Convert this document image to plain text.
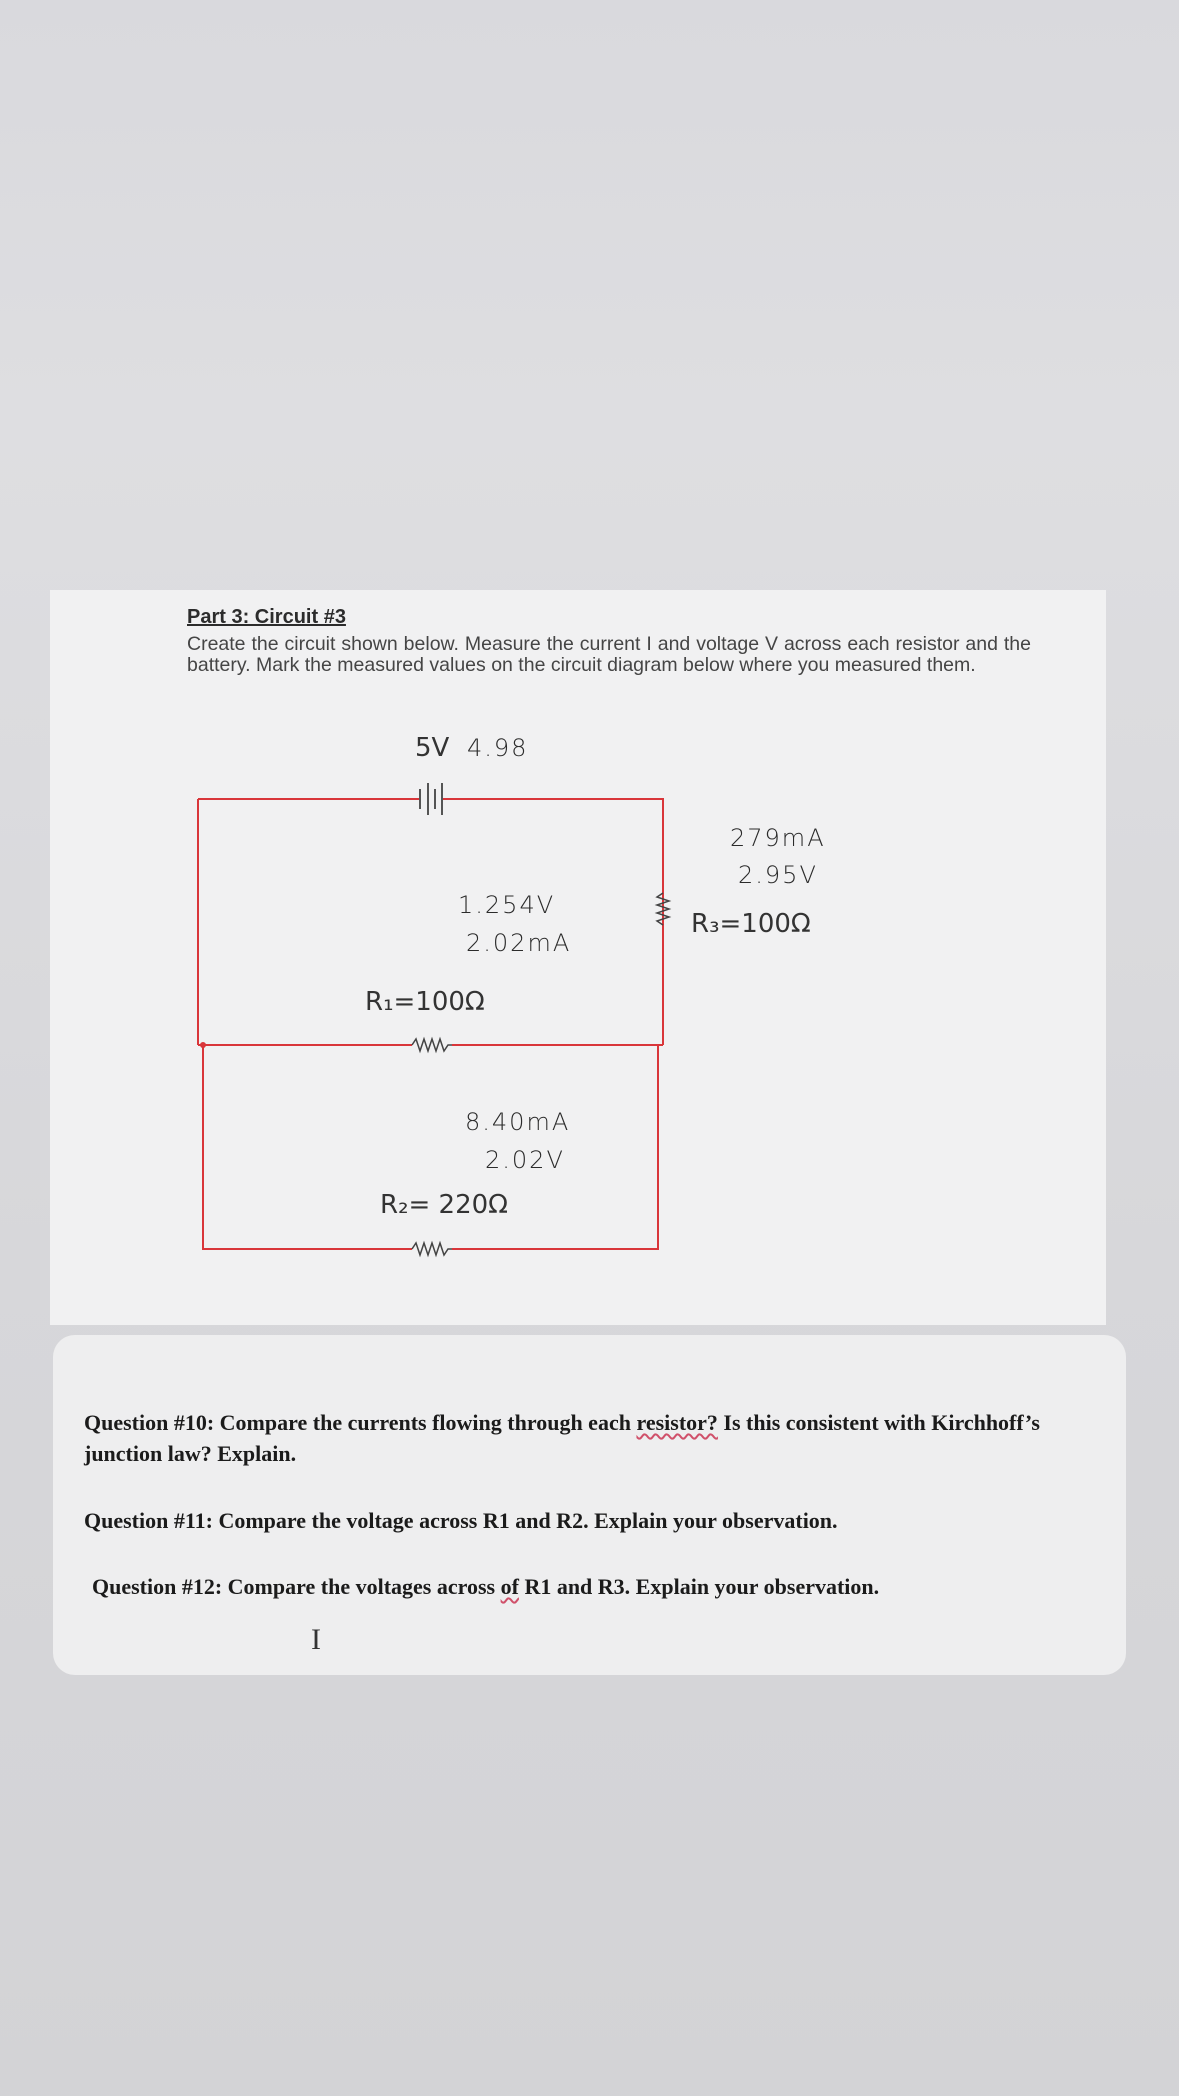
Part 3: Circuit #3

Create the circuit shown below. Measure the current I and voltage V across each resistor and the battery. Mark the measured values on the circuit diagram below where you measured them.

5V 4.98
279mA
2.95V
R₃=100Ω
1.254V
2.02mA
R₁=100Ω
8.40mA
2.02V
R₂= 220Ω

Question #10: Compare the currents flowing through each resistor? Is this consistent with Kirchhoff’s junction law? Explain.

Question #11: Compare the voltage across R1 and R2. Explain your observation.

Question #12: Compare the voltages across of R1 and R3. Explain your observation.

I
